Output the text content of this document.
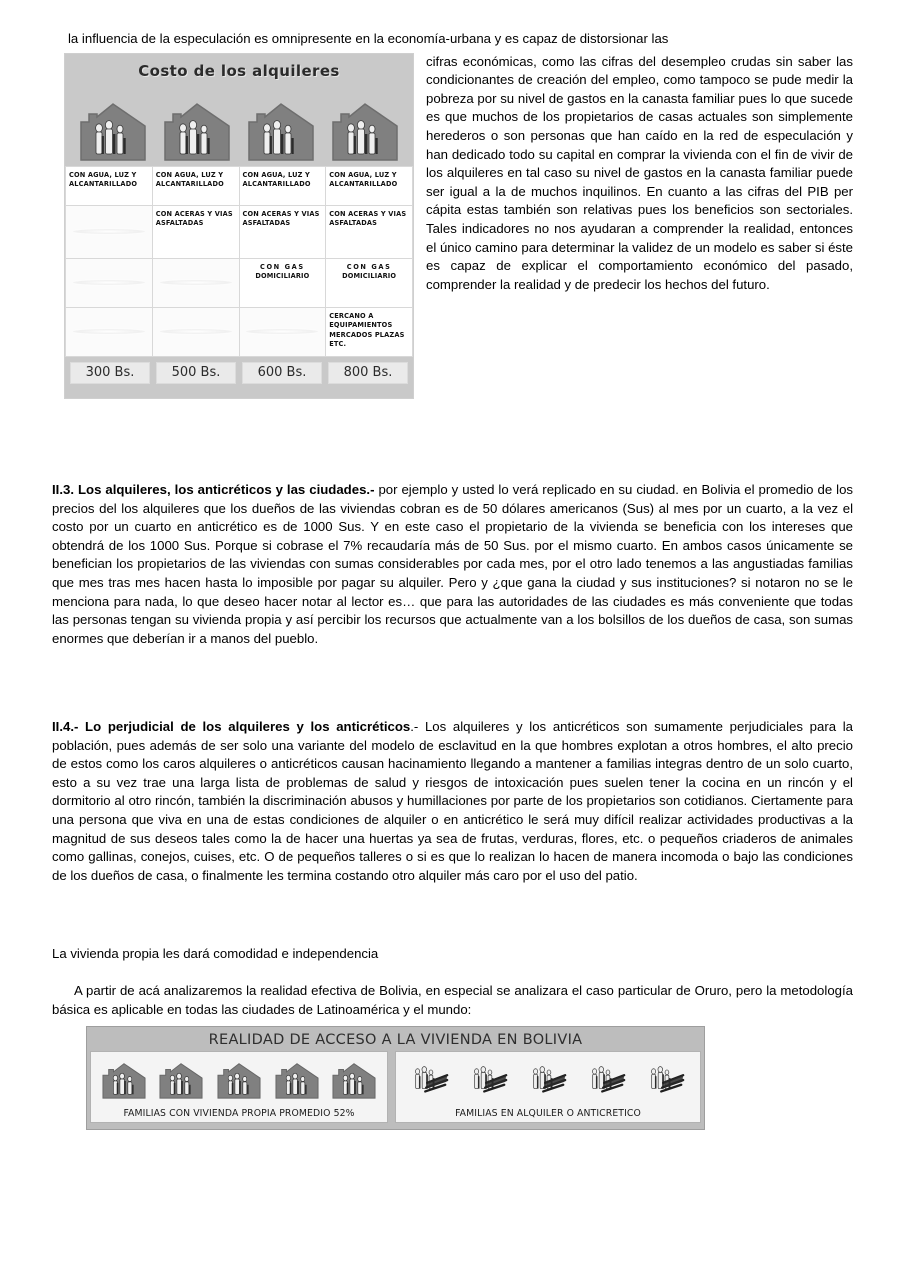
la influencia de la especulación es omnipresente en la economía-urbana y es capaz de distorsionar las
Costo de los alquileres
CON AGUA, LUZ Y
ALCANTARILLADO	CON AGUA, LUZ Y
ALCANTARILLADO	CON AGUA, LUZ Y
ALCANTARILLADO	CON AGUA, LUZ Y
ALCANTARILLADO

	CON ACERAS Y VIAS ASFALTADAS	CON ACERAS Y VIAS ASFALTADAS	CON ACERAS Y VIAS ASFALTADAS
		CON GAS DOMICILIARIO	CON GAS DOMICILIARIO
			CERCANO A EQUIPAMIENTOS MERCADOS PLAZAS ETC.
300 Bs.	500 Bs.	600 Bs.	800 Bs.
cifras económicas, como las cifras del desempleo crudas sin saber las condicionantes de creación del empleo, como tampoco se pude medir la pobreza por su nivel de gastos en la canasta familiar pues lo que sucede es que muchos de los propietarios de casas actuales son simplemente herederos o son personas que han caído en la red de especulación y han dedicado todo su capital en comprar la vivienda con el fin de vivir de los alquileres en tal caso su nivel de gastos en la canasta familiar puede ser igual a la de muchos inquilinos. En cuanto a las cifras del PIB per cápita estas también son relativas pues los beneficios son sectoriales. Tales indicadores no nos ayudaran a comprender la realidad, entonces el único camino para determinar la validez de un modelo es saber si éste es capaz de explicar el comportamiento económico del pasado, comprender la realidad y de predecir los hechos del futuro.

II.3. Los alquileres, los anticréticos y las ciudades.- por ejemplo y usted lo verá replicado en su ciudad. en Bolivia el promedio de los precios del los alquileres que los dueños de las viviendas cobran es de 50 dólares americanos (Sus) al mes por un cuarto, a la vez el costo por un cuarto en anticrético es de 1000 Sus. Y en este caso el propietario de la vivienda se beneficia con los intereses que obtendrá de los 1000 Sus. Porque si cobrase el 7% recaudaría más de 50 Sus. por el mismo cuarto. En ambos casos únicamente se benefician los propietarios de las viviendas con sumas considerables por cada mes, por el otro lado tenemos a las angustiadas familias que mes tras mes hacen hasta lo imposible por pagar su alquiler. Pero y ¿que gana la ciudad y sus instituciones? si notaron no se le menciona para nada, lo que deseo hacer notar al lector es… que para las autoridades de las ciudades es más conveniente que todas las personas tengan su vivienda propia y así percibir los recursos que actualmente van a los bolsillos de los dueños de casa, son sumas enormes que deberían ir a manos del pueblo.

II.4.- Lo perjudicial de los alquileres y los anticréticos.- Los alquileres y los anticréticos son sumamente perjudiciales para la población, pues además de ser solo una variante del modelo de esclavitud en la que hombres explotan a otros hombres, el alto precio de estos como los caros alquileres o anticréticos causan hacinamiento llegando a mantener a familias integras dentro de un solo cuarto, esto a su vez trae una larga lista de problemas de salud y riesgos de intoxicación pues suelen tener la cocina en un rincón y el dormitorio al otro rincón, también la discriminación abusos y humillaciones por parte de los propietarios son cotidianos. Ciertamente para una persona que viva en una de estas condiciones de alquiler o en anticrético le será muy difícil realizar actividades productivas a la magnitud de sus deseos tales como la de hacer una huertas ya sea de frutas, verduras, flores, etc. o pequeños criaderos de animales como gallinas, conejos, cuises, etc. O de pequeños talleres o si es que lo realizan lo hacen de manera incomoda o bajo las condiciones de los dueños de casa, o finalmente les termina costando otro alquiler más caro por el uso del patio.

La vivienda propia les dará comodidad e independencia

A partir de acá analizaremos la realidad efectiva de Bolivia, en especial se analizara el caso particular de Oruro, pero la metodología básica es aplicable en todas las ciudades de Latinoamérica y el mundo:

REALIDAD DE ACCESO A LA VIVIENDA EN BOLIVIA
FAMILIAS CON VIVIENDA PROPIA PROMEDIO 52%	FAMILIAS EN ALQUILER O ANTICRETICO
